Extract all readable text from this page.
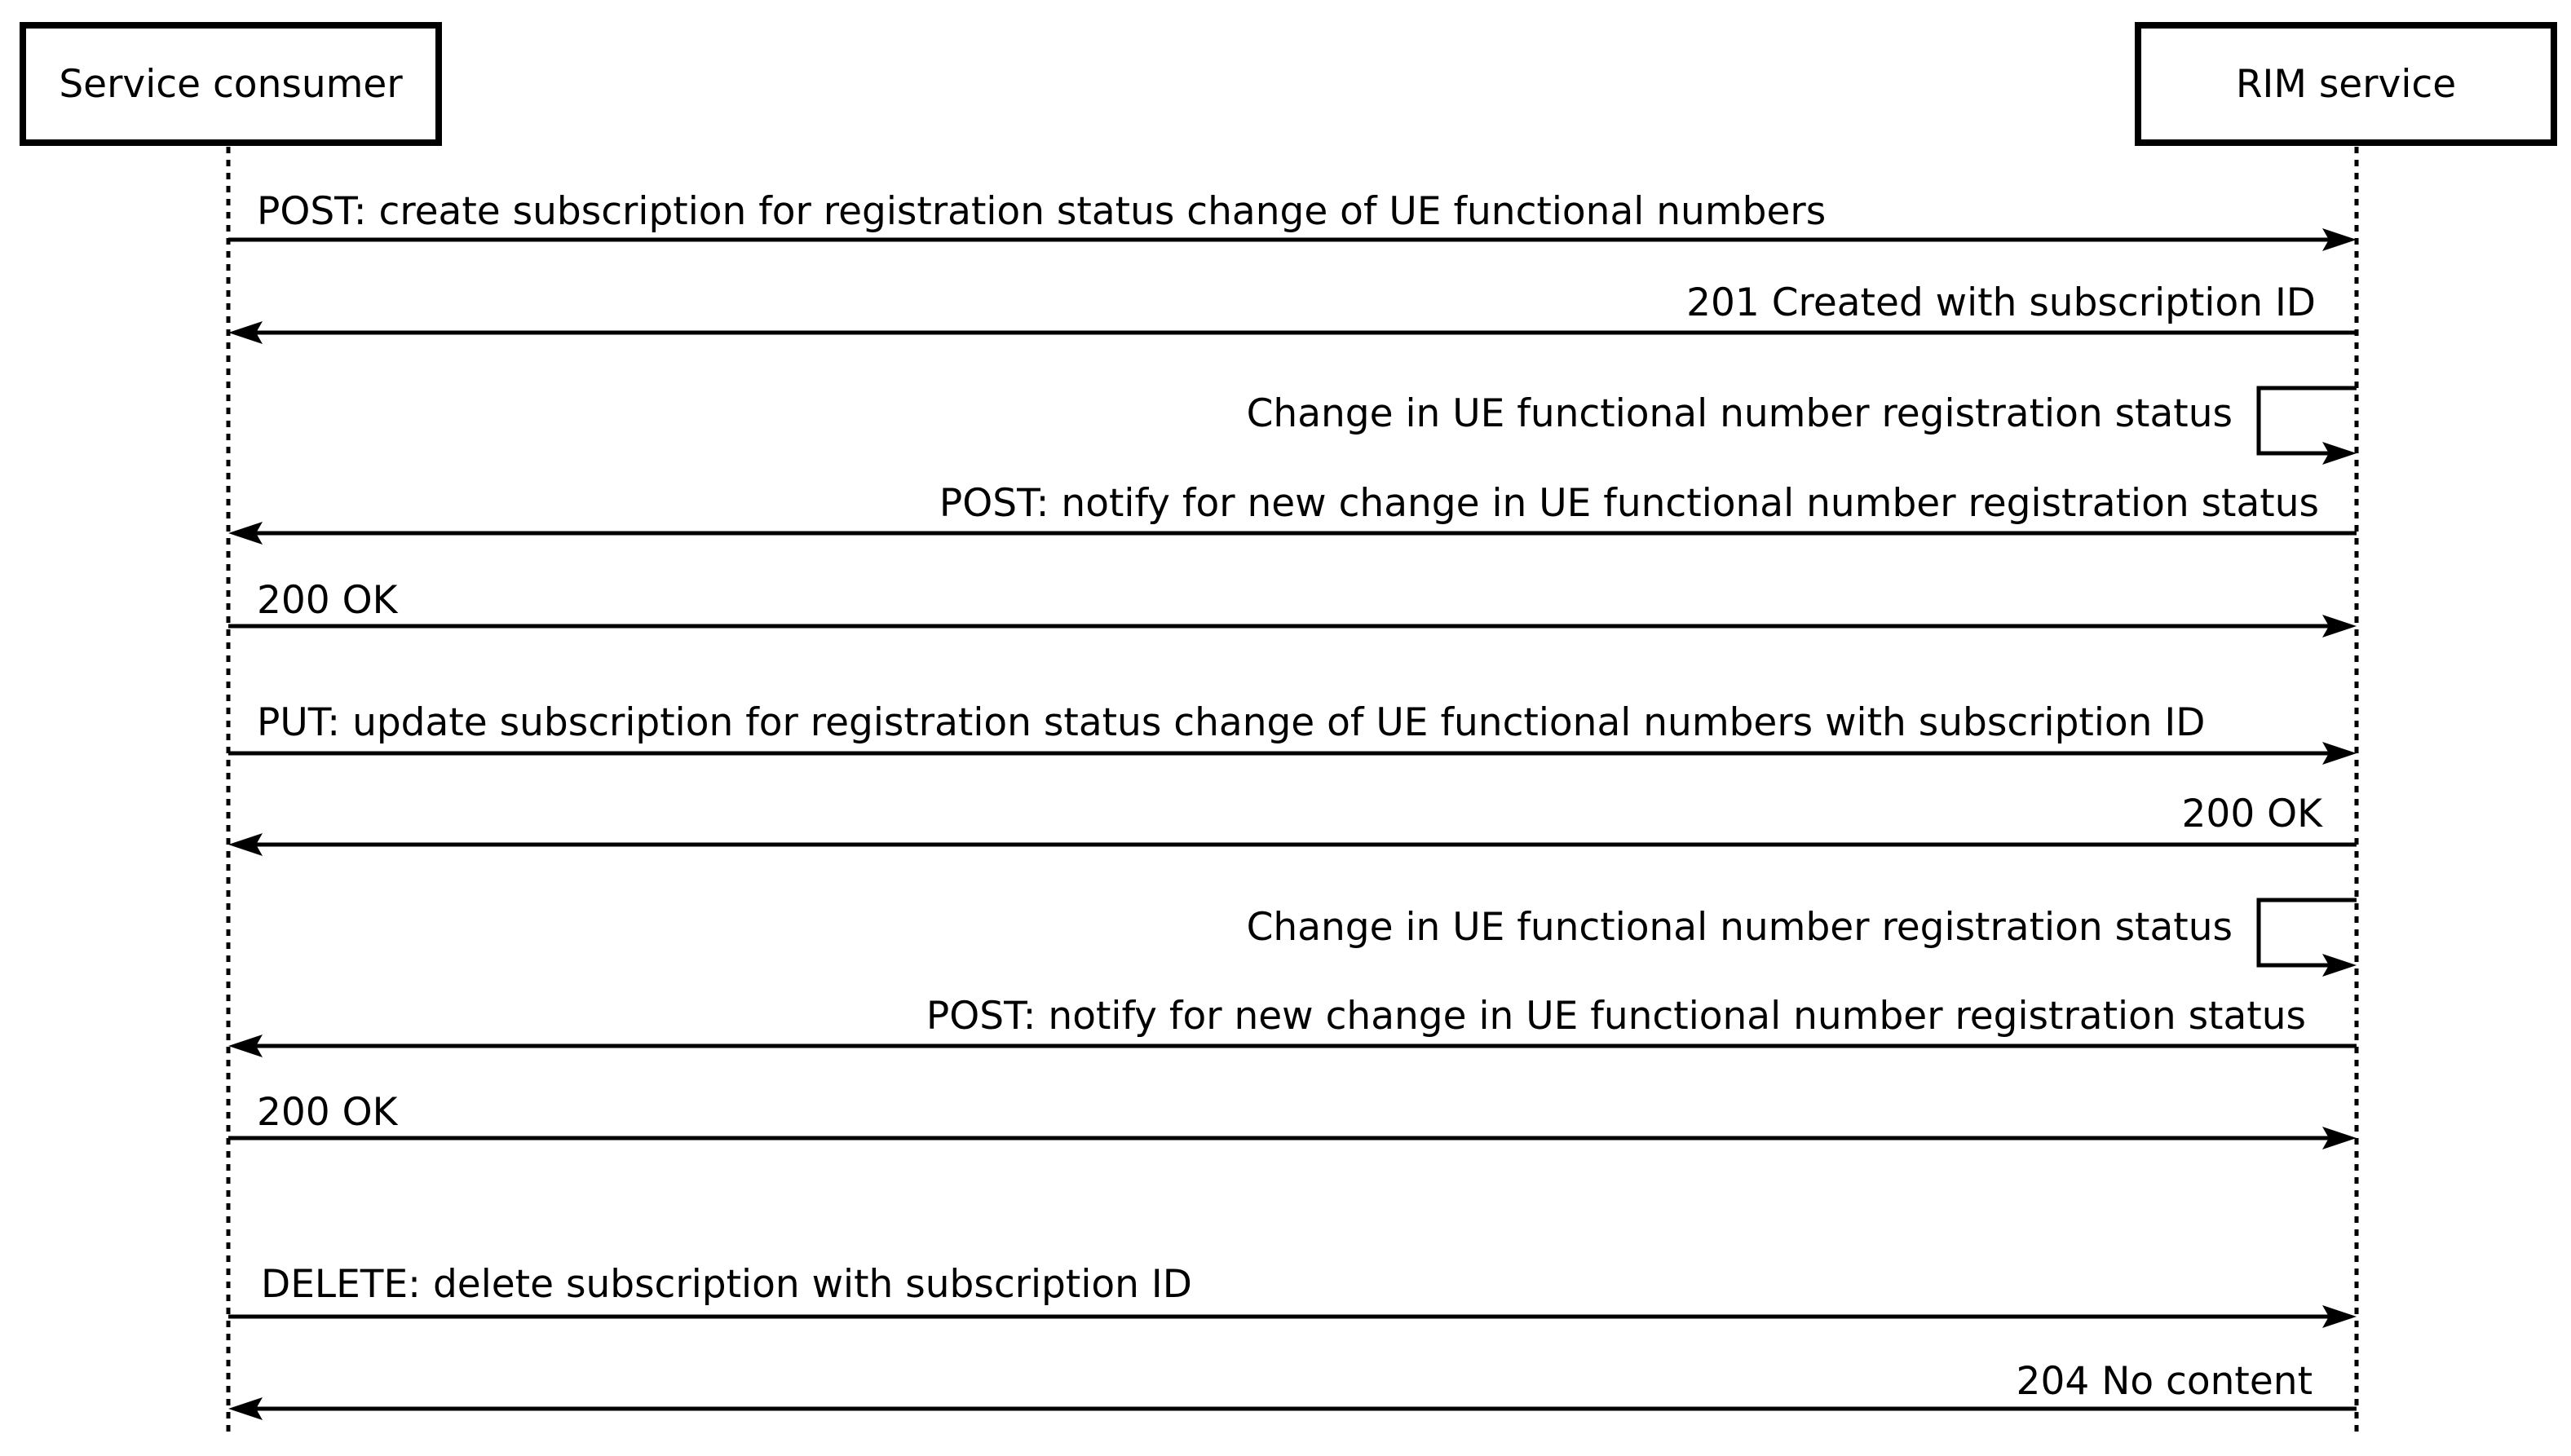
Service consumer	RIM service
POST: create subscription for registration status change of UE functional numbers
201 Created with subscription ID
Change in UE functional number registration status
POST: notify for new change in UE functional number registration status
200 OK
PUT: update subscription for registration status change of UE functional numbers with subscription ID
200 OK
Change in UE functional number registration status
POST: notify for new change in UE functional number registration status
200 OK
DELETE: delete subscription with subscription ID
204 No content
